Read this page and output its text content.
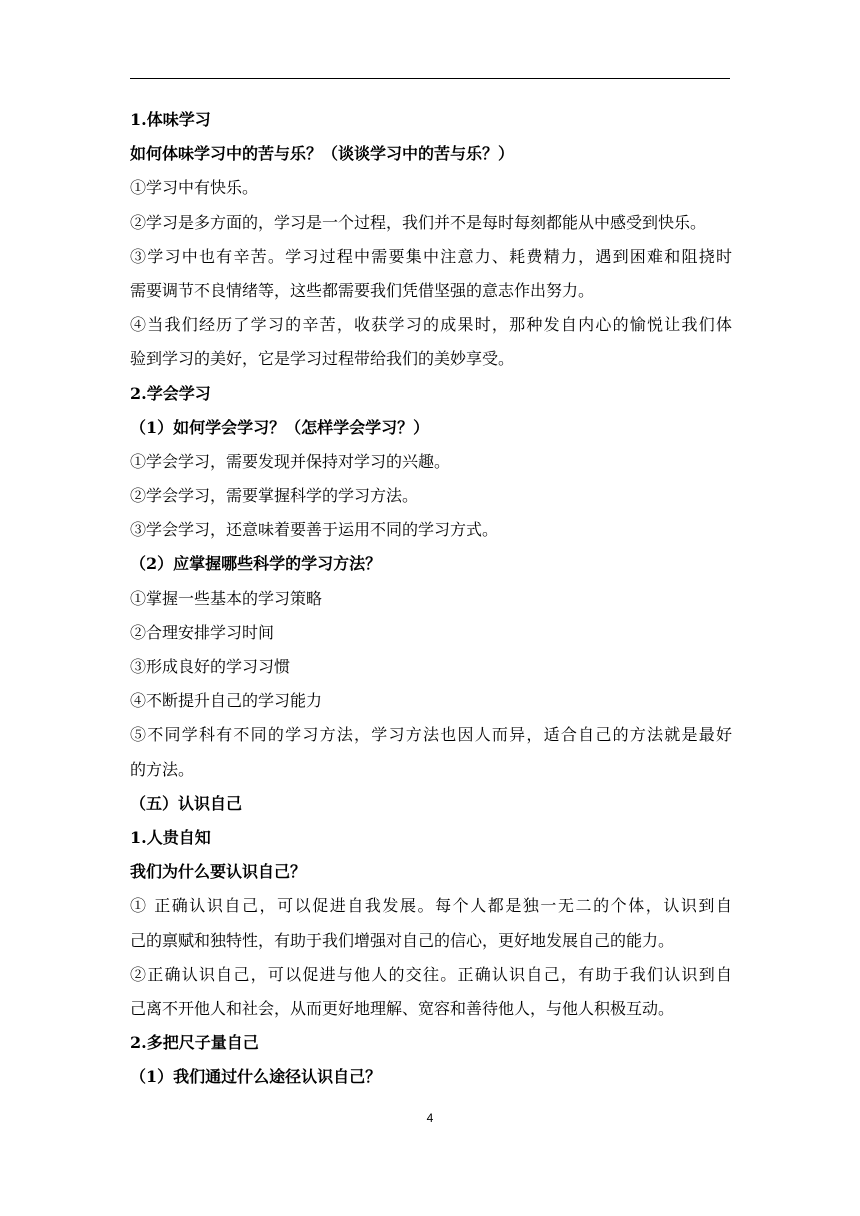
1.体味学习
如何体味学习中的苦与乐？（谈谈学习中的苦与乐？）
①学习中有快乐。
②学习是多方面的，学习是一个过程，我们并不是每时每刻都能从中感受到快乐。
③学习中也有辛苦。学习过程中需要集中注意力、耗费精力，遇到困难和阻挠时
需要调节不良情绪等，这些都需要我们凭借坚强的意志作出努力。
④当我们经历了学习的辛苦，收获学习的成果时，那种发自内心的愉悦让我们体
验到学习的美好，它是学习过程带给我们的美妙享受。
2.学会学习
（1）如何学会学习？（怎样学会学习？）
①学会学习，需要发现并保持对学习的兴趣。
②学会学习，需要掌握科学的学习方法。
③学会学习，还意味着要善于运用不同的学习方式。
（2）应掌握哪些科学的学习方法？
①掌握一些基本的学习策略
②合理安排学习时间
③形成良好的学习习惯
④不断提升自己的学习能力
⑤不同学科有不同的学习方法，学习方法也因人而异，适合自己的方法就是最好
的方法。
（五）认识自己
1.人贵自知
我们为什么要认识自己？
① 正确认识自己，可以促进自我发展。每个人都是独一无二的个体，认识到自
己的禀赋和独特性，有助于我们增强对自己的信心，更好地发展自己的能力。
②正确认识自己，可以促进与他人的交往。正确认识自己，有助于我们认识到自
己离不开他人和社会，从而更好地理解、宽容和善待他人，与他人积极互动。
2.多把尺子量自己
（1）我们通过什么途径认识自己？
4
